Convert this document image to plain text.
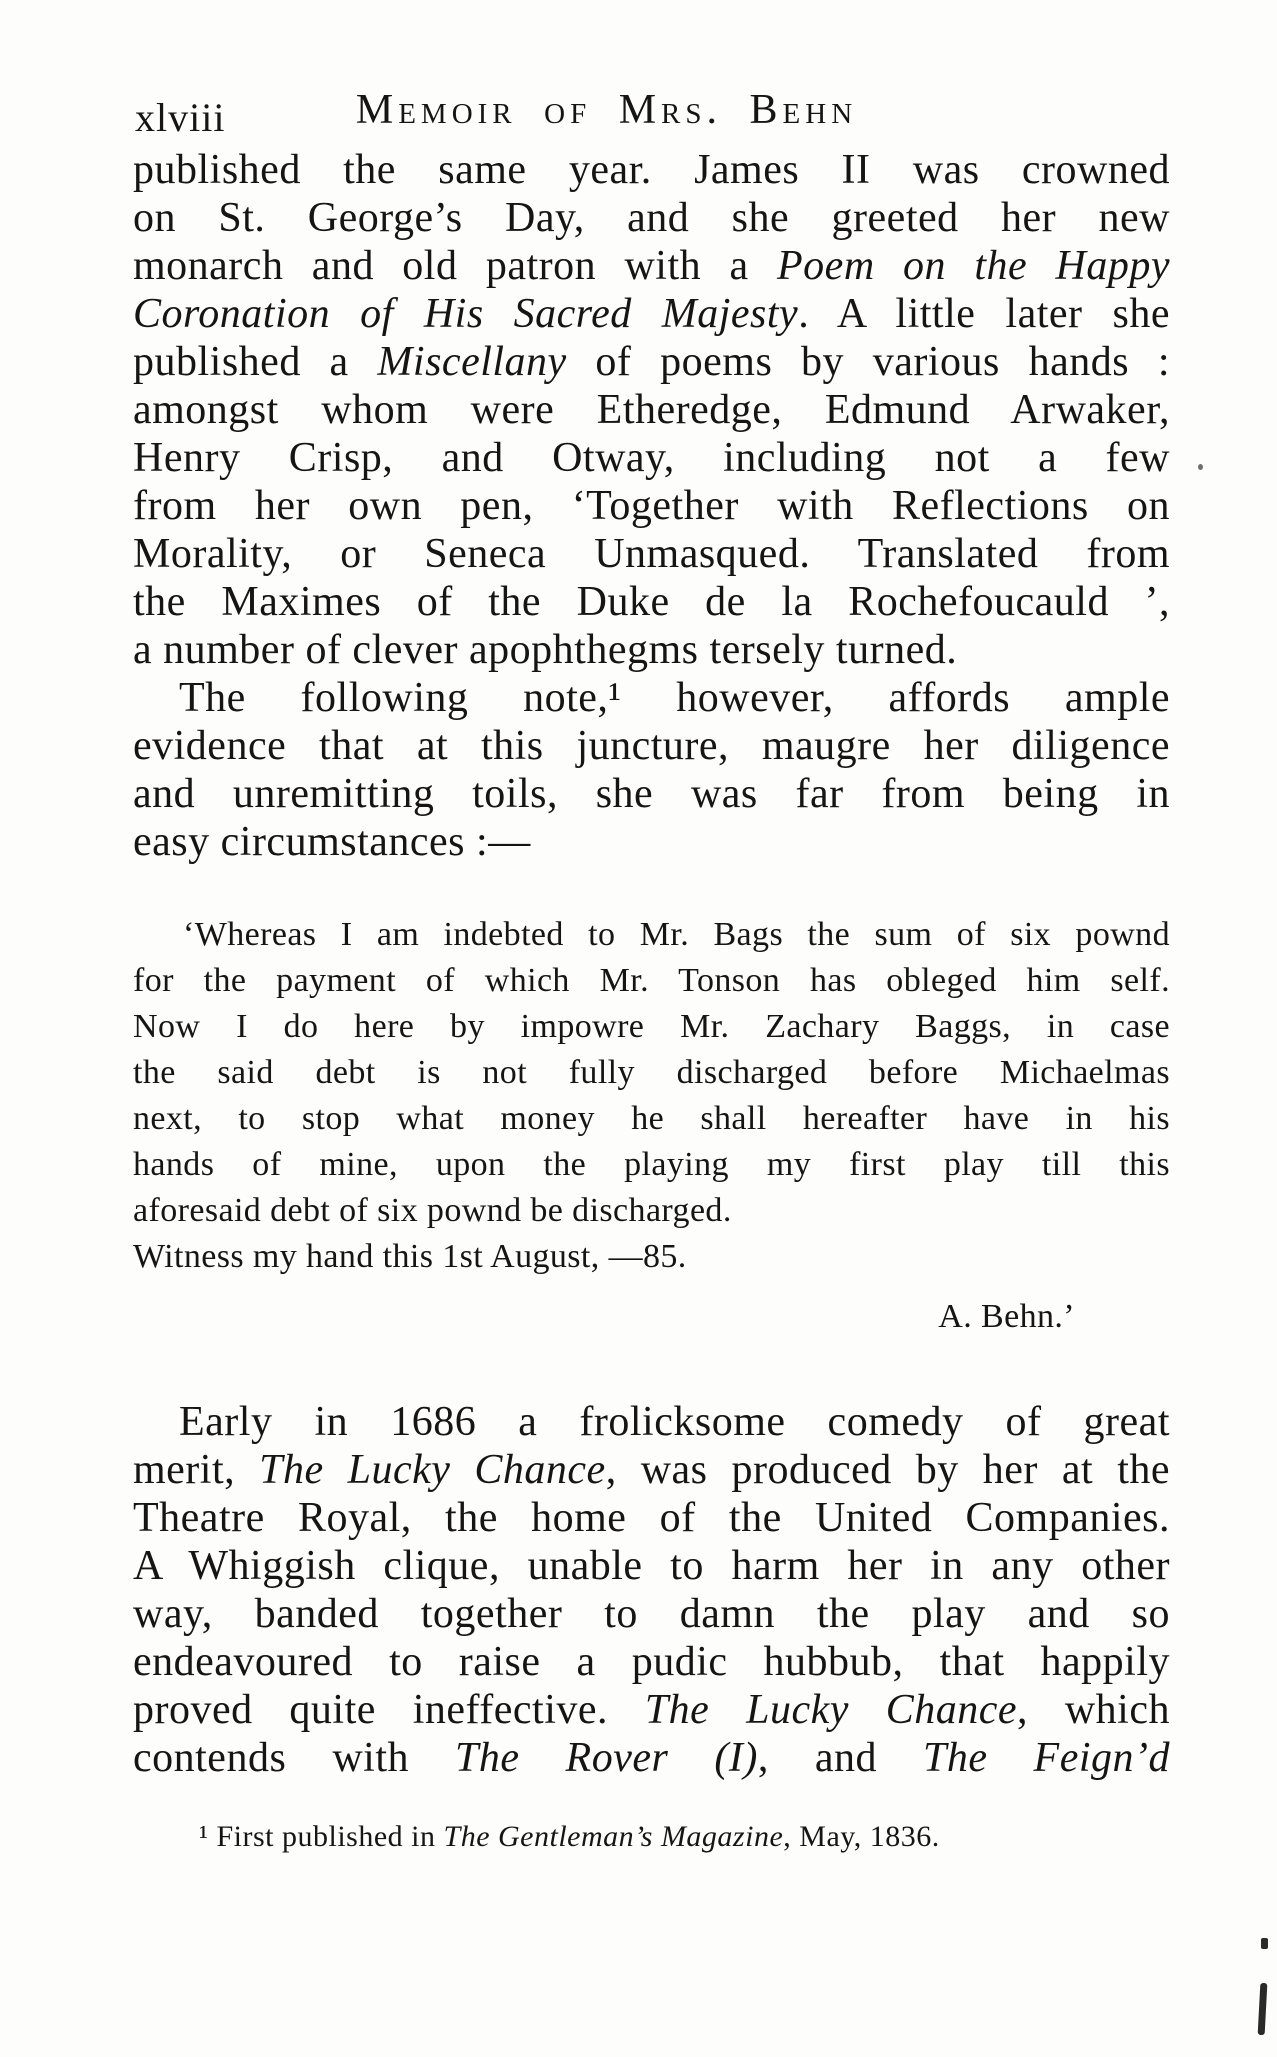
xlviii	Memoir of Mrs. Behn
published the same year. James II was crowned
on St. George’s Day, and she greeted her new
monarch and old patron with a Poem on the Happy
Coronation of His Sacred Majesty. A little later she
published a Miscellany of poems by various hands :
amongst whom were Etheredge, Edmund Arwaker,
Henry Crisp, and Otway, including not a few
from her own pen, ‘Together with Reflections on
Morality, or Seneca Unmasqued. Translated from
the Maximes of the Duke de la Rochefoucauld ’,
a number of clever apophthegms tersely turned.
The following note,¹ however, affords ample
evidence that at this juncture, maugre her diligence
and unremitting toils, she was far from being in
easy circumstances :—
‘Whereas I am indebted to Mr. Bags the sum of six pownd
for the payment of which Mr. Tonson has obleged him self.
Now I do here by impowre Mr. Zachary Baggs, in case
the said debt is not fully discharged before Michaelmas
next, to stop what money he shall hereafter have in his
hands of mine, upon the playing my first play till this
aforesaid debt of six pownd be discharged.
Witness my hand this 1st August, —85.
A. Behn.’
Early in 1686 a frolicksome comedy of great
merit, The Lucky Chance, was produced by her at the
Theatre Royal, the home of the United Companies.
A Whiggish clique, unable to harm her in any other
way, banded together to damn the play and so
endeavoured to raise a pudic hubbub, that happily
proved quite ineffective. The Lucky Chance, which
contends with The Rover (I), and The Feign’d
¹ First published in The Gentleman’s Magazine, May, 1836.
